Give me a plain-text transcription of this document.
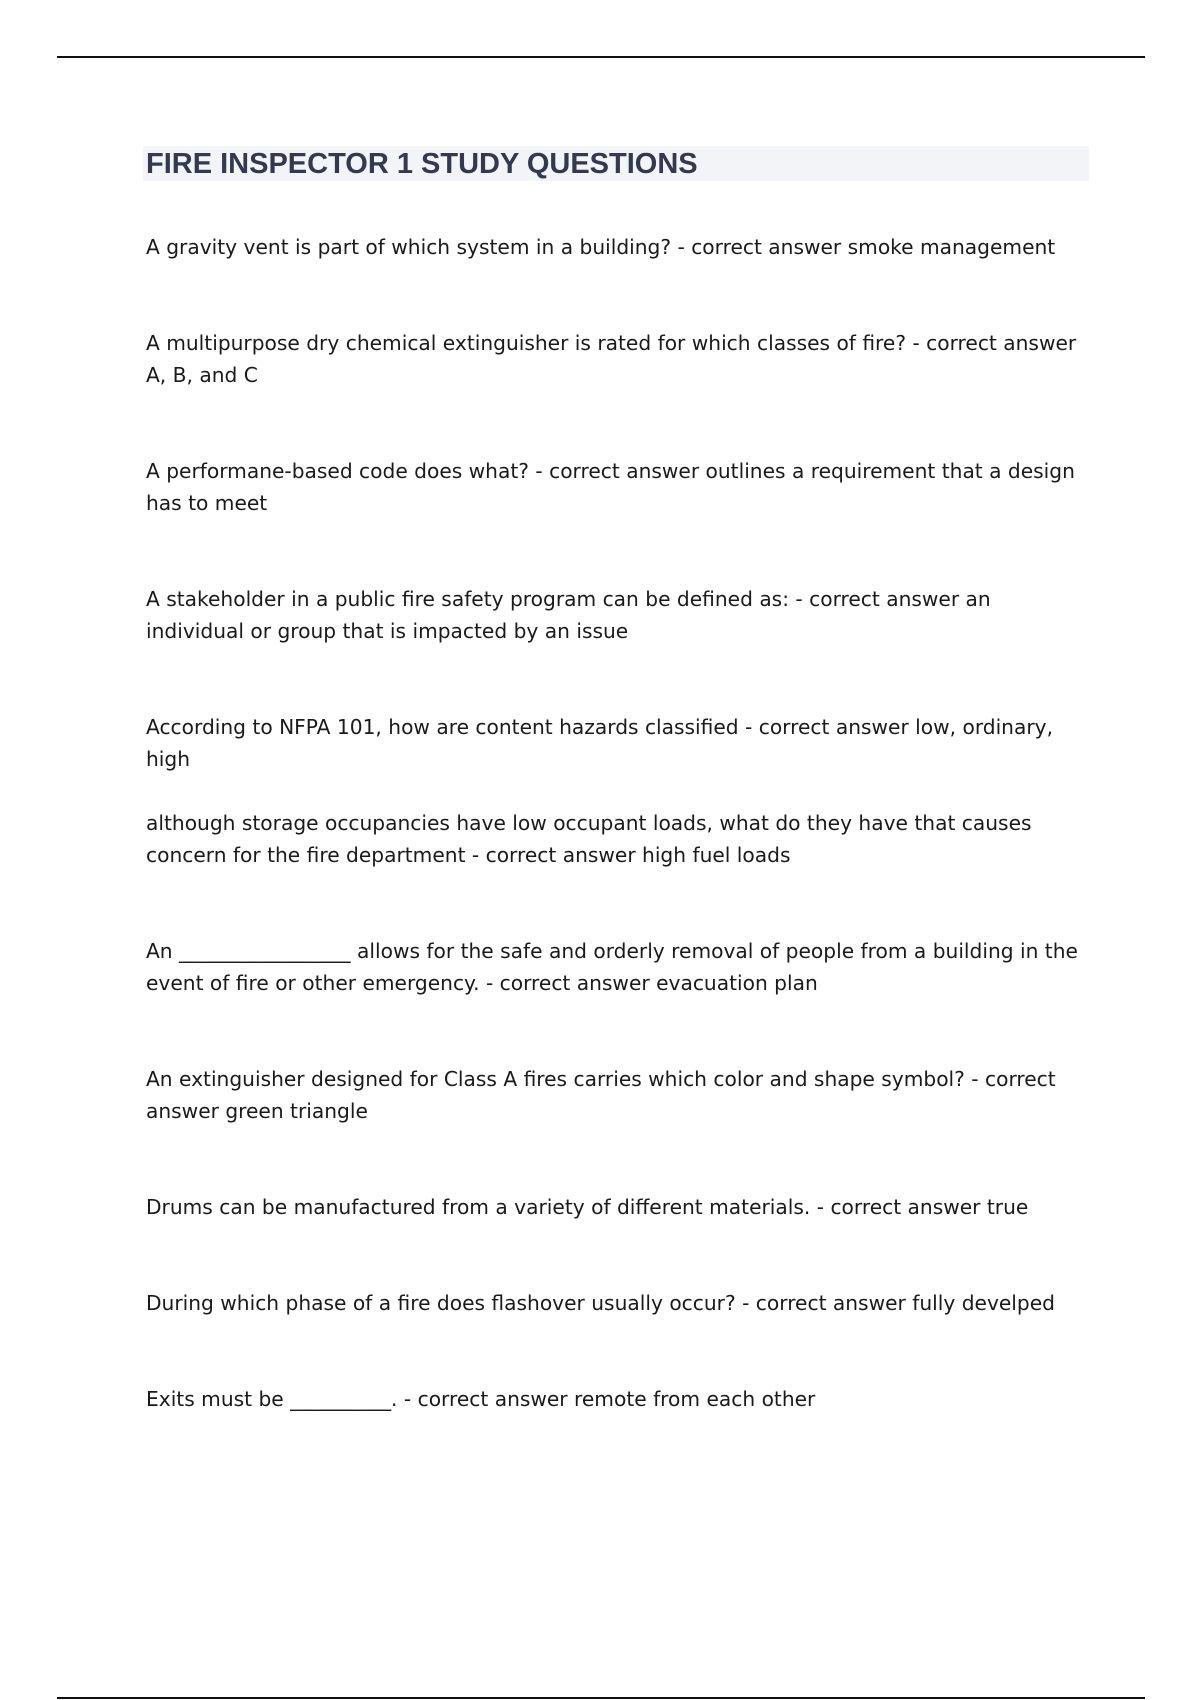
FIRE INSPECTOR 1 STUDY QUESTIONS
A gravity vent is part of which system in a building? - correct answer smoke management
A multipurpose dry chemical extinguisher is rated for which classes of fire? - correct answer A, B, and C
A performane-based code does what? - correct answer outlines a requirement that a design has to meet
A stakeholder in a public fire safety program can be defined as: - correct answer an individual or group that is impacted by an issue
According to NFPA 101, how are content hazards classified - correct answer low, ordinary, high
although storage occupancies have low occupant loads, what do they have that causes concern for the fire department - correct answer high fuel loads
An _________________ allows for the safe and orderly removal of people from a building in the event of fire or other emergency. - correct answer evacuation plan
An extinguisher designed for Class A fires carries which color and shape symbol? - correct answer green triangle
Drums can be manufactured from a variety of different materials. - correct answer true
During which phase of a fire does flashover usually occur? - correct answer fully develped
Exits must be __________. - correct answer remote from each other
